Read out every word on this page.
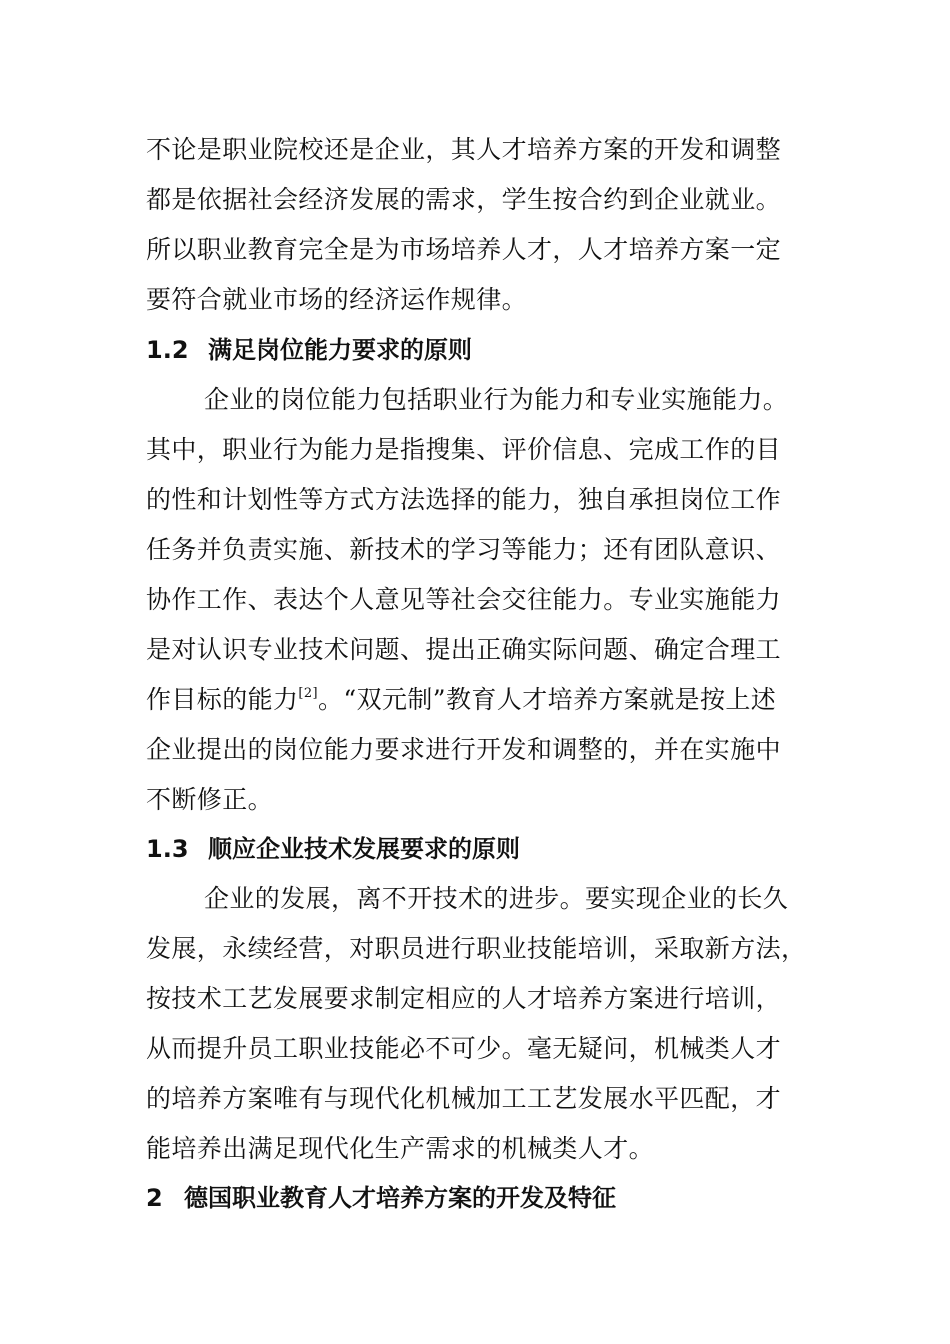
不论是职业院校还是企业，其人才培养方案的开发和调整
都是依据社会经济发展的需求，学生按合约到企业就业。
所以职业教育完全是为市场培养人才，人才培养方案一定
要符合就业市场的经济运作规律。
1.2 满足岗位能力要求的原则
企业的岗位能力包括职业行为能力和专业实施能力。
其中，职业行为能力是指搜集、评价信息、完成工作的目
的性和计划性等方式方法选择的能力，独自承担岗位工作
任务并负责实施、新技术的学习等能力；还有团队意识、
协作工作、表达个人意见等社会交往能力。专业实施能力
是对认识专业技术问题、提出正确实际问题、确定合理工
作目标的能力[2]。“双元制”教育人才培养方案就是按上述
企业提出的岗位能力要求进行开发和调整的，并在实施中
不断修正。
1.3 顺应企业技术发展要求的原则
企业的发展，离不开技术的进步。要实现企业的长久
发展，永续经营，对职员进行职业技能培训，采取新方法，
按技术工艺发展要求制定相应的人才培养方案进行培训，
从而提升员工职业技能必不可少。毫无疑问，机械类人才
的培养方案唯有与现代化机械加工工艺发展水平匹配，才
能培养出满足现代化生产需求的机械类人才。
2 德国职业教育人才培养方案的开发及特征
